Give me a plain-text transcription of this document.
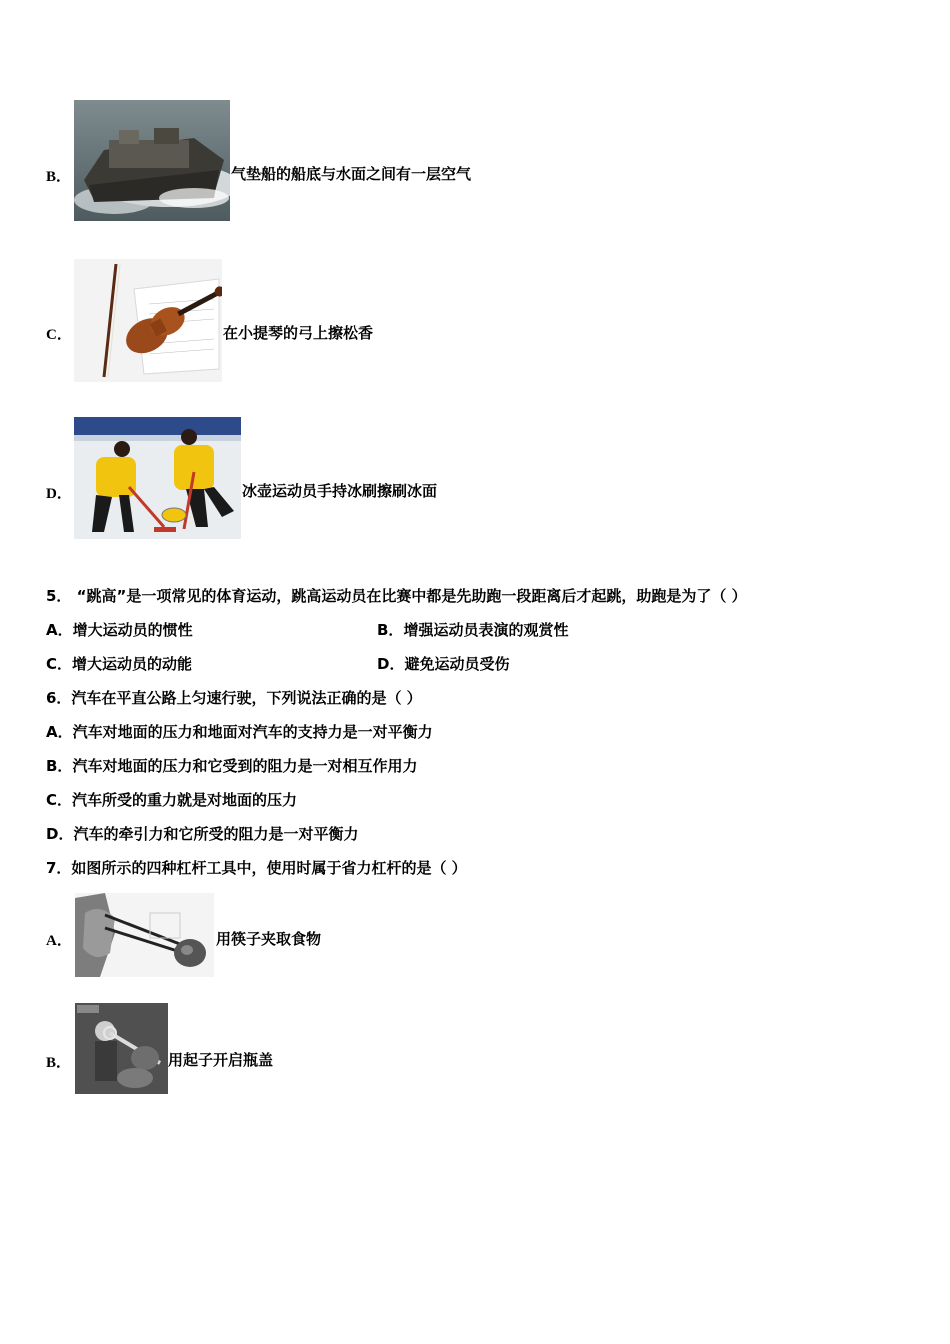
B．	气垫船的船底与水面之间有一层空气
C．	在小提琴的弓上擦松香
D．	冰壶运动员手持冰刷擦刷冰面
5． “跳高”是一项常见的体育运动，跳高运动员在比赛中都是先助跑一段距离后才起跳，助跑是为了（ ）
A．增大运动员的惯性	B．增强运动员表演的观赏性
C．增大运动员的动能	D．避免运动员受伤
6．汽车在平直公路上匀速行驶，下列说法正确的是（ ）
A．汽车对地面的压力和地面对汽车的支持力是一对平衡力
B．汽车对地面的压力和它受到的阻力是一对相互作用力
C．汽车所受的重力就是对地面的压力
D．汽车的牵引力和它所受的阻力是一对平衡力
7．如图所示的四种杠杆工具中，使用时属于省力杠杆的是（ ）
A．	用筷子夹取食物
B．	用起子开启瓶盖
